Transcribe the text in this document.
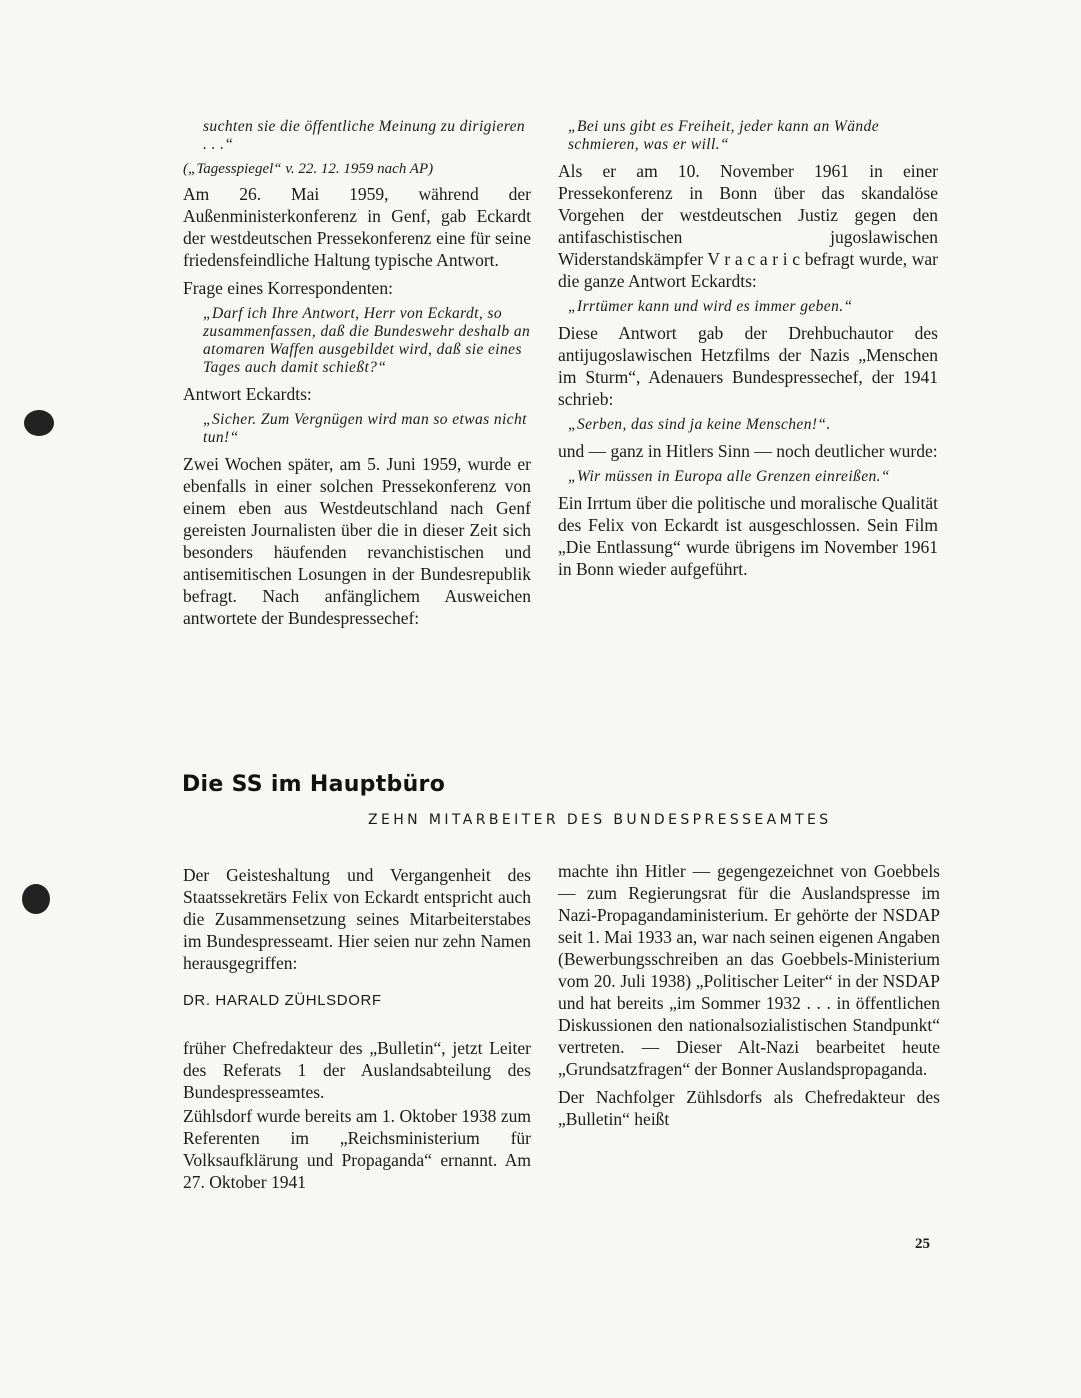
suchten sie die öffentliche Meinung zu dirigieren . . .“

(„Tagesspiegel“ v. 22. 12. 1959 nach AP)

Am 26. Mai 1959, während der Außenministerkonferenz in Genf, gab Eckardt der westdeutschen Pressekonferenz eine für seine friedensfeindliche Haltung typische Antwort.

Frage eines Korrespondenten:

„Darf ich Ihre Antwort, Herr von Eckardt, so zusammenfassen, daß die Bundeswehr deshalb an atomaren Waffen ausgebildet wird, daß sie eines Tages auch damit schießt?“

Antwort Eckardts:

„Sicher. Zum Vergnügen wird man so etwas nicht tun!“

Zwei Wochen später, am 5. Juni 1959, wurde er ebenfalls in einer solchen Pressekonferenz von einem eben aus Westdeutschland nach Genf gereisten Journalisten über die in dieser Zeit sich besonders häufenden revanchistischen und antisemitischen Losungen in der Bundesrepublik befragt. Nach anfänglichem Ausweichen antwortete der Bundespressechef:

„Bei uns gibt es Freiheit, jeder kann an Wände schmieren, was er will.“

Als er am 10. November 1961 in einer Pressekonferenz in Bonn über das skandalöse Vorgehen der westdeutschen Justiz gegen den antifaschistischen jugoslawischen Widerstandskämpfer V r a c a r i c befragt wurde, war die ganze Antwort Eckardts:

„Irrtümer kann und wird es immer geben.“

Diese Antwort gab der Drehbuchautor des antijugoslawischen Hetzfilms der Nazis „Menschen im Sturm“, Adenauers Bundespressechef, der 1941 schrieb:

„Serben, das sind ja keine Menschen!“.

und — ganz in Hitlers Sinn — noch deutlicher wurde:

„Wir müssen in Europa alle Grenzen einreißen.“

Ein Irrtum über die politische und moralische Qualität des Felix von Eckardt ist ausgeschlossen. Sein Film „Die Entlassung“ wurde übrigens im November 1961 in Bonn wieder aufgeführt.

Die SS im Hauptbüro
ZEHN MITARBEITER DES BUNDESPRESSEAMTES

Der Geisteshaltung und Vergangenheit des Staatssekretärs Felix von Eckardt entspricht auch die Zusammensetzung seines Mitarbeiterstabes im Bundespresseamt. Hier seien nur zehn Namen herausgegriffen:

DR. HARALD ZÜHLSDORF

früher Chefredakteur des „Bulletin“, jetzt Leiter des Referats 1 der Auslandsabteilung des Bundespresseamtes.

Zühlsdorf wurde bereits am 1. Oktober 1938 zum Referenten im „Reichsministerium für Volksaufklärung und Propaganda“ ernannt. Am 27. Oktober 1941

machte ihn Hitler — gegengezeichnet von Goebbels — zum Regierungsrat für die Auslandspresse im Nazi-Propagandaministerium. Er gehörte der NSDAP seit 1. Mai 1933 an, war nach seinen eigenen Angaben (Bewerbungsschreiben an das Goebbels-Ministerium vom 20. Juli 1938) „Politischer Leiter“ in der NSDAP und hat bereits „im Sommer 1932 . . . in öffentlichen Diskussionen den nationalsozialistischen Standpunkt“ vertreten. — Dieser Alt-Nazi bearbeitet heute „Grundsatzfragen“ der Bonner Auslandspropaganda.

Der Nachfolger Zühlsdorfs als Chefredakteur des „Bulletin“ heißt

25
